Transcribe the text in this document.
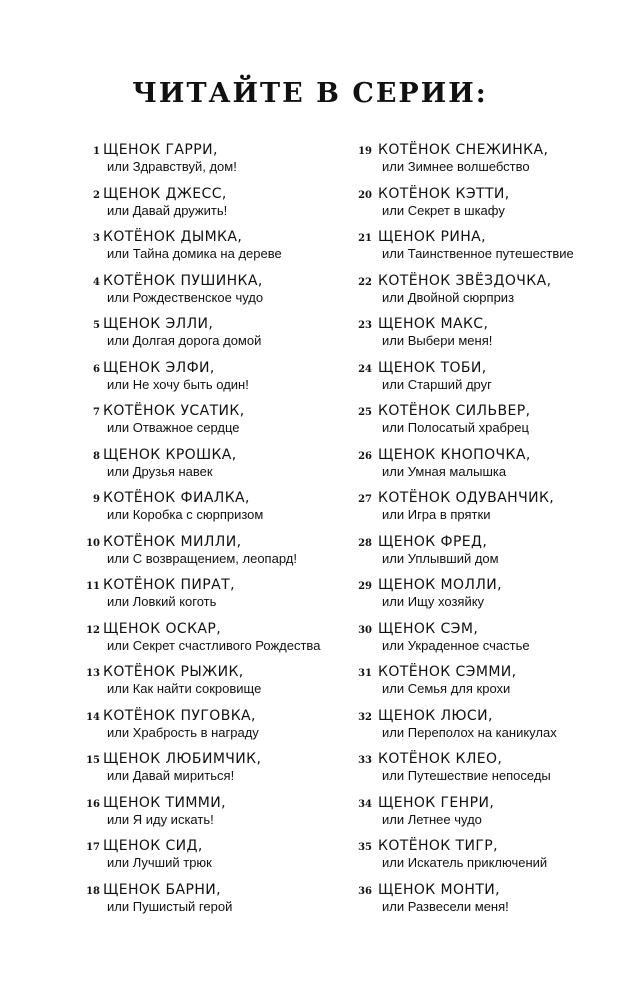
ЧИТАЙТЕ В СЕРИИ:
1 ЩЕНОК ГАРРИ,
или Здравствуй, дом!
2 ЩЕНОК ДЖЕСС,
или Давай дружить!
3 КОТЁНОК ДЫМКА,
или Тайна домика на дереве
4 КОТЁНОК ПУШИНКА,
или Рождественское чудо
5 ЩЕНОК ЭЛЛИ,
или Долгая дорога домой
6 ЩЕНОК ЭЛФИ,
или Не хочу быть один!
7 КОТЁНОК УСАТИК,
или Отважное сердце
8 ЩЕНОК КРОШКА,
или Друзья навек
9 КОТЁНОК ФИАЛКА,
или Коробка с сюрпризом
10 КОТЁНОК МИЛЛИ,
или С возвращением, леопард!
11 КОТЁНОК ПИРАТ,
или Ловкий коготь
12 ЩЕНОК ОСКАР,
или Секрет счастливого Рождества
13 КОТЁНОК РЫЖИК,
или Как найти сокровище
14 КОТЁНОК ПУГОВКА,
или Храбрость в награду
15 ЩЕНОК ЛЮБИМЧИК,
или Давай мириться!
16 ЩЕНОК ТИММИ,
или Я иду искать!
17 ЩЕНОК СИД,
или Лучший трюк
18 ЩЕНОК БАРНИ,
или Пушистый герой
19 КОТЁНОК СНЕЖИНКА,
или Зимнее волшебство
20 КОТЁНОК КЭТТИ,
или Секрет в шкафу
21 ЩЕНОК РИНА,
или Таинственное путешествие
22 КОТЁНОК ЗВЁЗДОЧКА,
или Двойной сюрприз
23 ЩЕНОК МАКС,
или Выбери меня!
24 ЩЕНОК ТОБИ,
или Старший друг
25 КОТЁНОК СИЛЬВЕР,
или Полосатый храбрец
26 ЩЕНОК КНОПОЧКА,
или Умная малышка
27 КОТЁНОК ОДУВАНЧИК,
или Игра в прятки
28 ЩЕНОК ФРЕД,
или Уплывший дом
29 ЩЕНОК МОЛЛИ,
или Ищу хозяйку
30 ЩЕНОК СЭМ,
или Украденное счастье
31 КОТЁНОК СЭММИ,
или Семья для крохи
32 ЩЕНОК ЛЮСИ,
или Переполох на каникулах
33 КОТЁНОК КЛЕО,
или Путешествие непоседы
34 ЩЕНОК ГЕНРИ,
или Летнее чудо
35 КОТЁНОК ТИГР,
или Искатель приключений
36 ЩЕНОК МОНТИ,
или Развесели меня!
